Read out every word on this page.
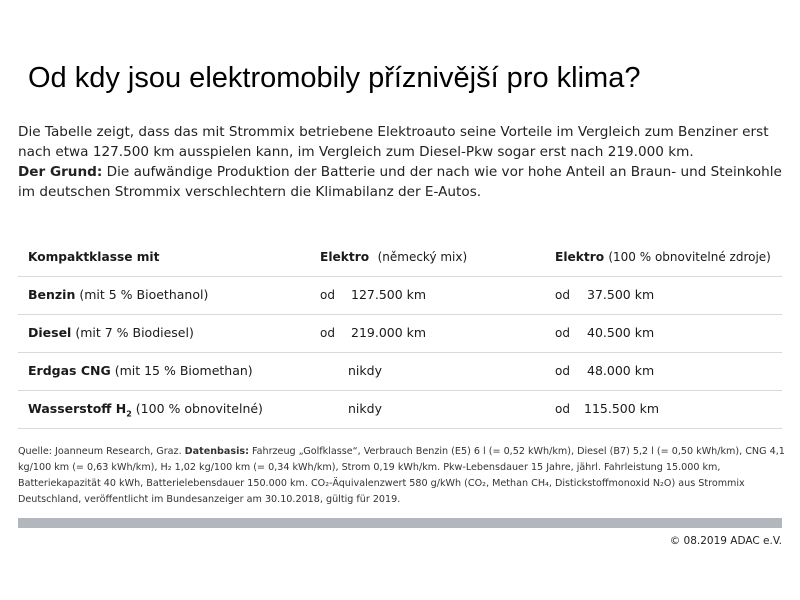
Od kdy jsou elektromobily příznivější pro klima?

Die Tabelle zeigt, dass das mit Strommix betriebene Elektroauto seine Vorteile im Vergleich zum Benziner erst nach etwa 127.500 km ausspielen kann, im Vergleich zum Diesel-Pkw sogar erst nach 219.000 km.

Der Grund: Die aufwändige Produktion der Batterie und der nach wie vor hohe Anteil an Braun- und Steinkohle im deutschen Strommix verschlechtern die Klimabilanz der E-Autos.

Kompaktklasse mit	Elektro (německý mix)	Elektro (100 % obnovitelné zdroje)
Benzin (mit 5 % Bioethanol)	od 127.500 km	od 37.500 km
Diesel (mit 7 % Biodiesel)	od 219.000 km	od 40.500 km
Erdgas CNG (mit 15 % Biomethan)	nikdy	od 48.000 km
Wasserstoff $H_2$ (100 % obnovitelné)	nikdy	od 115.500 km
Quelle: Joanneum Research, Graz. Datenbasis: Fahrzeug „Golfklasse“, Verbrauch Benzin (E5) 6 l (= 0,52 kWh/km), Diesel (B7) 5,2 l (= 0,50 kWh/km), CNG 4,1 kg/100 km (= 0,63 kWh/km), H₂ 1,02 kg/100 km (= 0,34 kWh/km), Strom 0,19 kWh/km. Pkw-Lebensdauer 15 Jahre, jährl. Fahrleistung 15.000 km, Batteriekapazität 40 kWh, Batterielebensdauer 150.000 km. CO₂-Äquivalenzwert 580 g/kWh (CO₂, Methan CH₄, Distickstoffmonoxid N₂O) aus Strommix Deutschland, veröffentlicht im Bundesanzeiger am 30.10.2018, gültig für 2019.
© 08.2019 ADAC e.V.
